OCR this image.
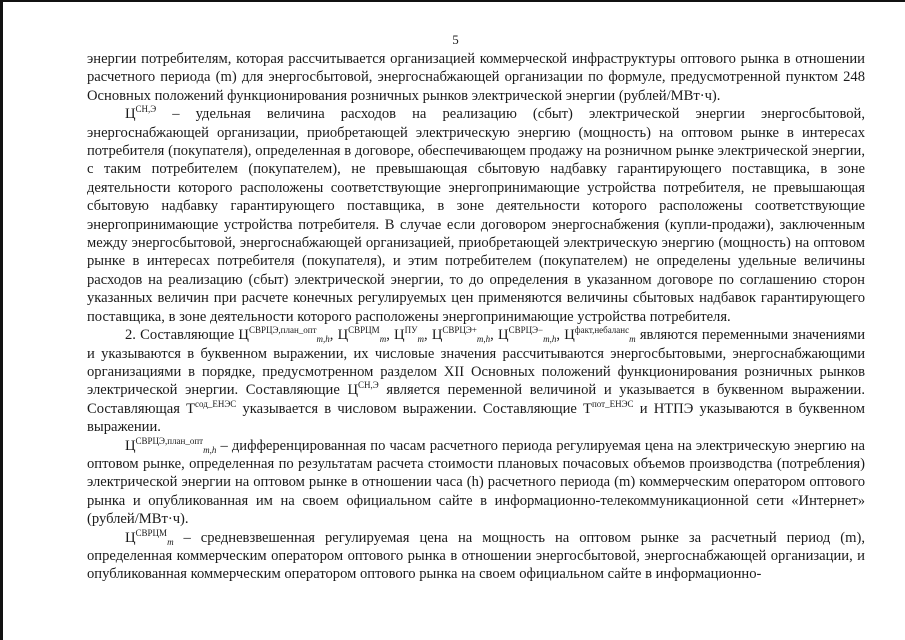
5

энергии потребителям, которая рассчитывается организацией коммерческой инфраструктуры оптового рынка в отношении расчетного периода (m) для энергосбытовой, энергоснабжающей организации по формуле, предусмотренной пунктом 248 Основных положений функционирования розничных рынков электрической энергии (рублей/МВт·ч).

$Ц^{СН,Э}$ – удельная величина расходов на реализацию (сбыт) электрической энергии энергосбытовой, энергоснабжающей организации, приобретающей электрическую энергию (мощность) на оптовом рынке в интересах потребителя (покупателя), определенная в договоре, обеспечивающем продажу на розничном рынке электрической энергии, с таким потребителем (покупателем), не превышающая сбытовую надбавку гарантирующего поставщика, в зоне деятельности которого расположены соответствующие энергопринимающие устройства потребителя, не превышающая сбытовую надбавку гарантирующего поставщика, в зоне деятельности которого расположены соответствующие энергопринимающие устройства потребителя. В случае если договором энергоснабжения (купли-продажи), заключенным между энергосбытовой, энергоснабжающей организацией, приобретающей электрическую энергию (мощность) на оптовом рынке в интересах потребителя (покупателя), и этим потребителем (покупателем) не определены удельные величины расходов на реализацию (сбыт) электрической энергии, то до определения в указанном договоре по соглашению сторон указанных величин при расчете конечных регулируемых цен применяются величины сбытовых надбавок гарантирующего поставщика, в зоне деятельности которого расположены энергопринимающие устройства потребителя.

2. Составляющие $Ц^{СВРЦЭ,план\_опт}_{m,h}$, $Ц^{СВРЦМ}_m$, $Ц^{ПУ}_m$, $Ц^{СВРЦЭ+}_{m,h}$, $Ц^{СВРЦЭ-}_{m,h}$, $Ц^{факт,небаланс}_m$ являются переменными значениями и указываются в буквенном выражении, их числовые значения рассчитываются энергосбытовыми, энергоснабжающими организациями в порядке, предусмотренном разделом XII Основных положений функционирования розничных рынков электрической энергии. Составляющие $Ц^{СН,Э}$ является переменной величиной и указывается в буквенном выражении. Составляющая $Т^{сод\_ЕНЭС}$ указывается в числовом выражении. Составляющие $Т^{пот\_ЕНЭС}$ и НТПЭ указываются в буквенном выражении.

$Ц^{СВРЦЭ,план\_опт}_{m,h}$ – дифференцированная по часам расчетного периода регулируемая цена на электрическую энергию на оптовом рынке, определенная по результатам расчета стоимости плановых почасовых объемов производства (потребления) электрической энергии на оптовом рынке в отношении часа (h) расчетного периода (m) коммерческим оператором оптового рынка и опубликованная им на своем официальном сайте в информационно-телекоммуникационной сети «Интернет» (рублей/МВт·ч).

$Ц^{СВРЦМ}_m$ – средневзвешенная регулируемая цена на мощность на оптовом рынке за расчетный период (m), определенная коммерческим оператором оптового рынка в отношении энергосбытовой, энергоснабжающей организации, и опубликованная коммерческим оператором оптового рынка на своем официальном сайте в информационно-
